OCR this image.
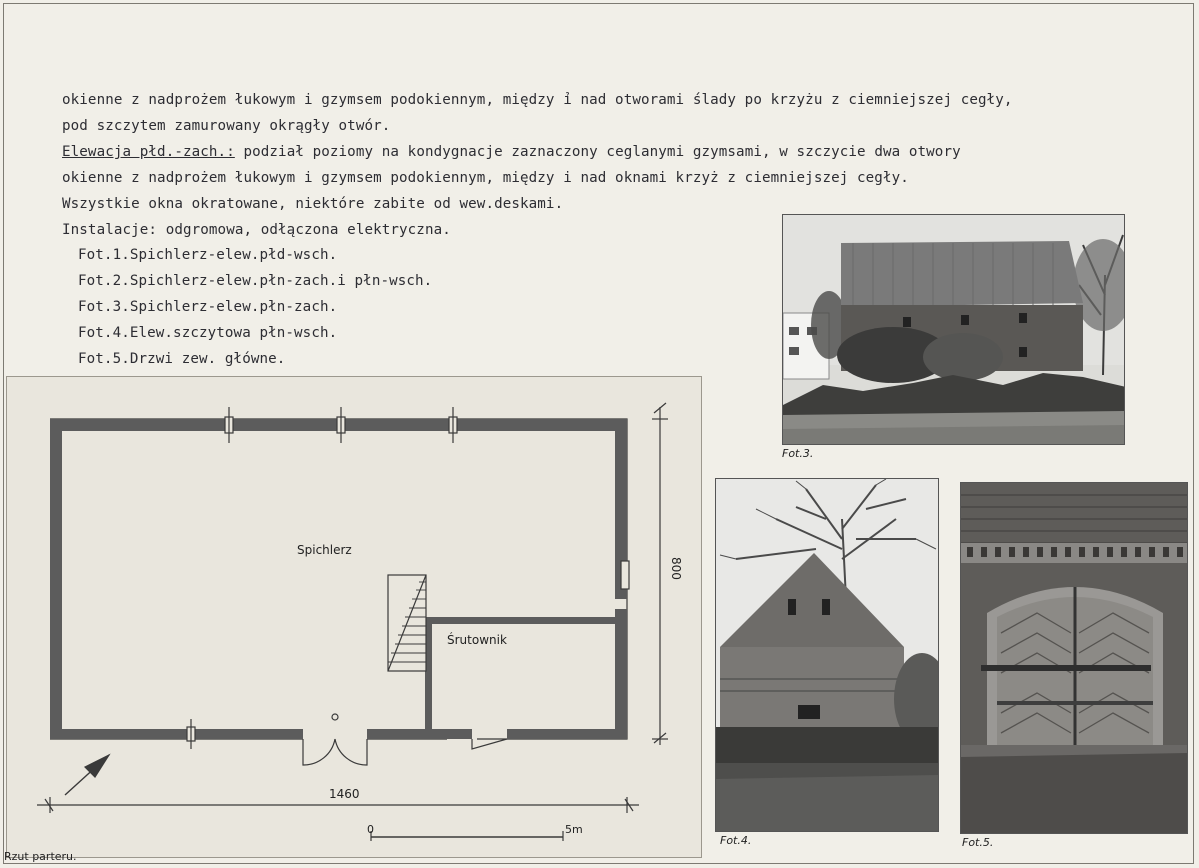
okienne z nadprożem łukowym i gzymsem podokiennym, między ỉ nad otworami ślady po krzyżu z ciemniejszej cegły,
pod szczytem zamurowany okrągły otwór.
Elewacja płd.-zach.: podział poziomy na kondygnacje zaznaczony ceglanymi gzymsami, w szczycie dwa otwory
okienne z nadprożem łukowym i gzymsem podokiennym, między i nad oknami krzyż z ciemniejszej cegły.
Wszystkie okna okratowane, niektóre zabite od wew.deskami.
Instalacje: odgromowa, odłączona elektryczna.
Fot.1.Spichlerz-elew.płd-wsch.
Fot.2.Spichlerz-elew.płn-zach.i płn-wsch.
Fot.3.Spichlerz-elew.płn-zach.
Fot.4.Elew.szczytowa płn-wsch.
Fot.5.Drzwi zew. główne.
Spichlerz
Śrutownik
1460
800
0	5m
Rzut parteru.
Fot.3.
Fot.4.	Fot.5.
